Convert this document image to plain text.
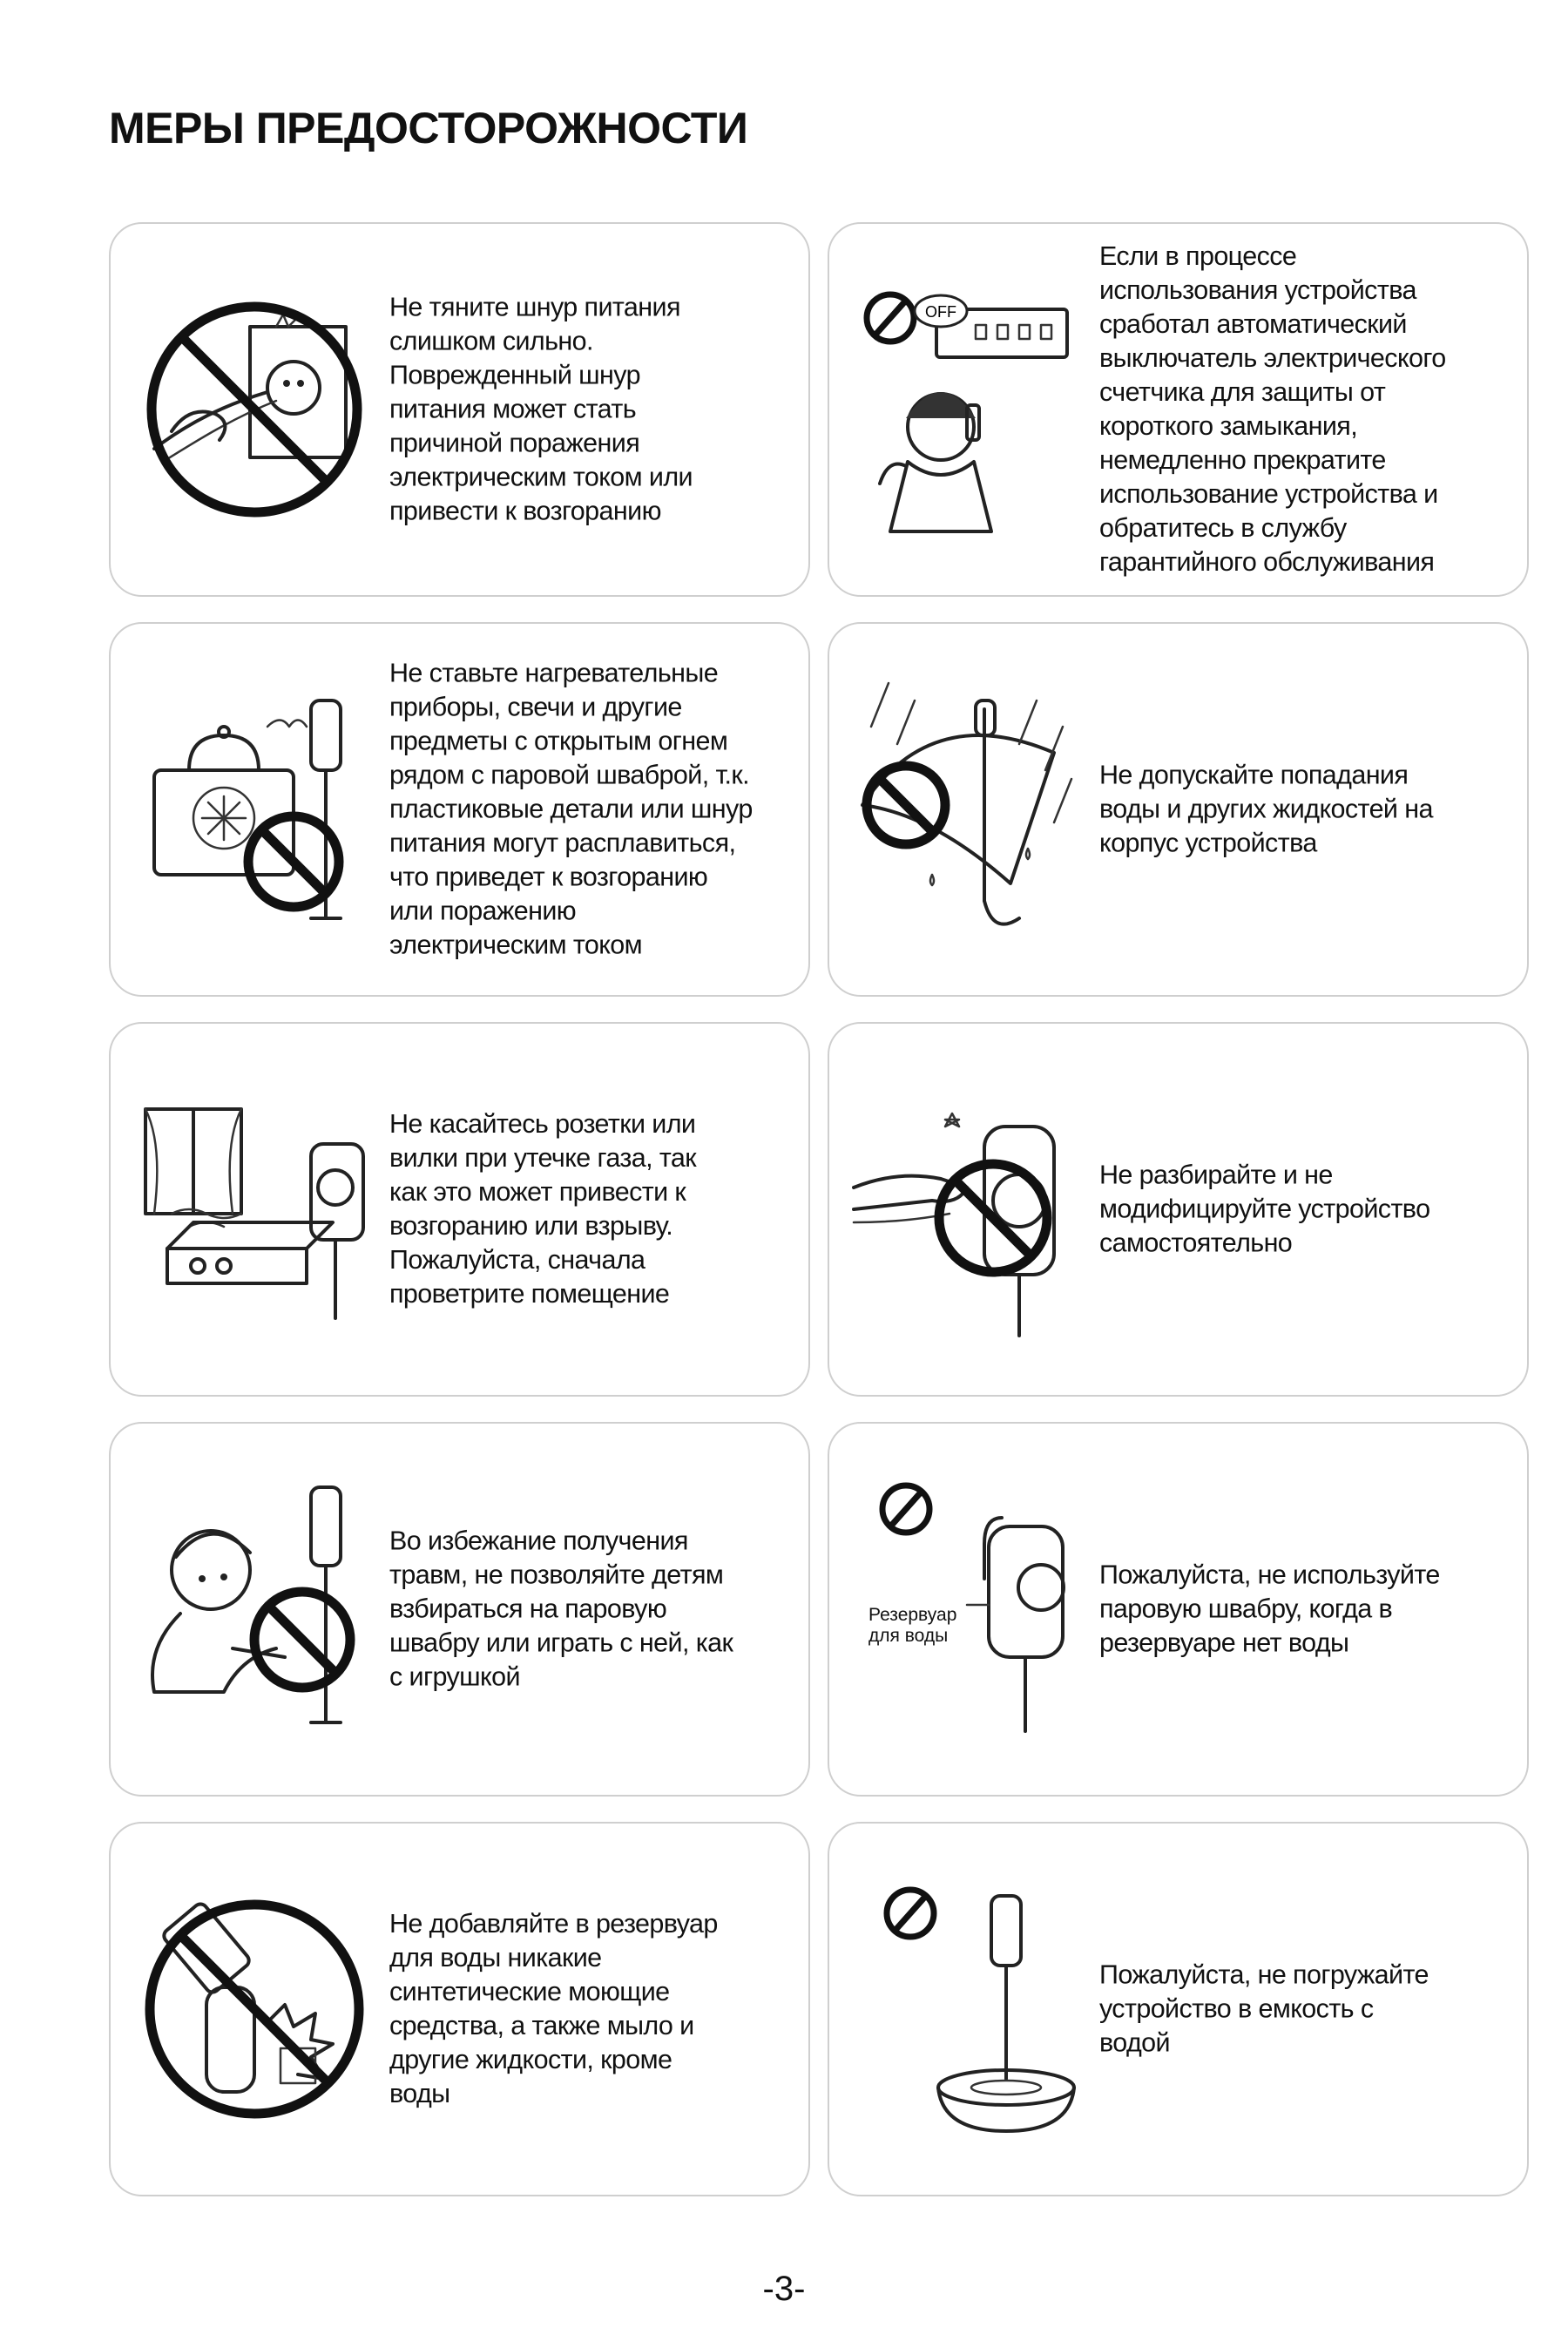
МЕРЫ ПРЕДОСТОРОЖНОСТИ
Не тяните шнур питания
слишком сильно.
Поврежденный шнур
питания может стать
причиной поражения
электрическим током или
привести к возгоранию
OFF
Если в процессе
использования устройства
сработал автоматический
выключатель электрического
счетчика для защиты от
короткого замыкания,
немедленно прекратите
использование устройства и
обратитесь в службу
гарантийного обслуживания
Не ставьте нагревательные
приборы, свечи и другие
предметы с открытым огнем
рядом с паровой шваброй, т.к.
пластиковые детали или шнур
питания могут расплавиться,
что приведет к возгоранию
или поражению
электрическим током
Не допускайте попадания
воды и других жидкостей на
корпус устройства
Не касайтесь розетки или
вилки при утечке газа, так
как это может привести к
возгоранию или взрыву.
Пожалуйста, сначала
проветрите помещение
Не разбирайте и не
модифицируйте устройство
самостоятельно
Во избежание получения
травм, не позволяйте детям
взбираться на паровую
швабру или играть с ней, как
с игрушкой
Резервуар
для воды
Пожалуйста, не используйте
паровую швабру, когда в
резервуаре нет воды
Не добавляйте в резервуар
для воды никакие
синтетические моющие
средства, а также мыло и
другие жидкости, кроме
воды
Пожалуйста, не погружайте
устройство в емкость с
водой
-3-
